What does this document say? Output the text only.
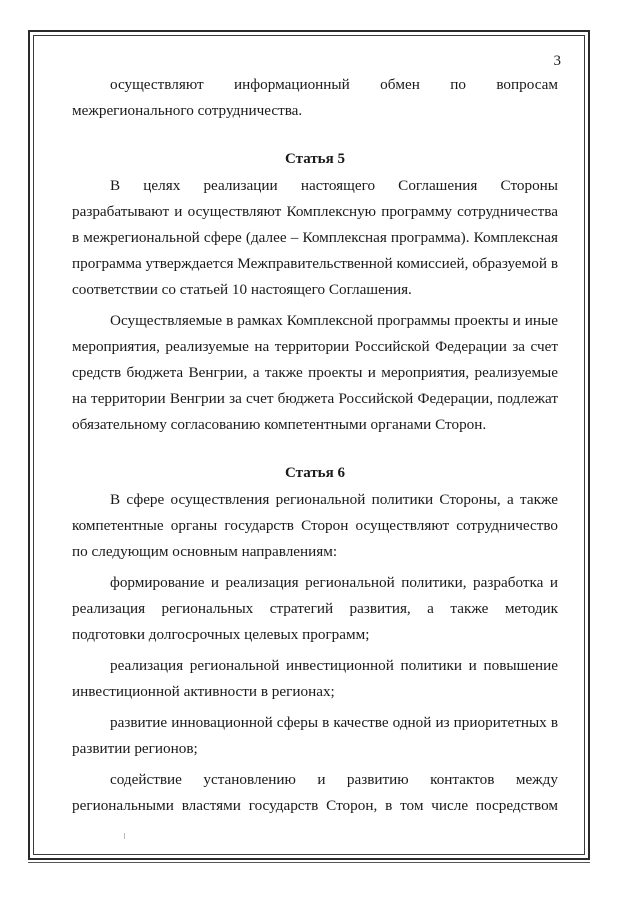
3

осуществляют информационный обмен по вопросам

межрегионального сотрудничества.

Статья 5

В целях реализации настоящего Соглашения Стороны

разрабатывают и осуществляют Комплексную программу сотрудничества в межрегиональной сфере (далее – Комплексная программа). Комплексная программа утверждается Межправительственной комиссией, образуемой в соответствии со статьей 10 настоящего Соглашения.

Осуществляемые в рамках Комплексной программы проекты и иные мероприятия, реализуемые на территории Российской Федерации за счет средств бюджета Венгрии, а также проекты и мероприятия, реализуемые на территории Венгрии за счет бюджета Российской Федерации, подлежат обязательному согласованию компетентными органами Сторон.

Статья 6

В сфере осуществления региональной политики Стороны, а также компетентные органы государств Сторон осуществляют сотрудничество по следующим основным направлениям:

формирование и реализация региональной политики, разработка и реализация региональных стратегий развития, а также методик подготовки долгосрочных целевых программ;

реализация региональной инвестиционной политики и повышение инвестиционной активности в регионах;

развитие инновационной сферы в качестве одной из приоритетных в развитии регионов;

содействие установлению и развитию контактов между

региональными властями государств Сторон, в том числе посредством
